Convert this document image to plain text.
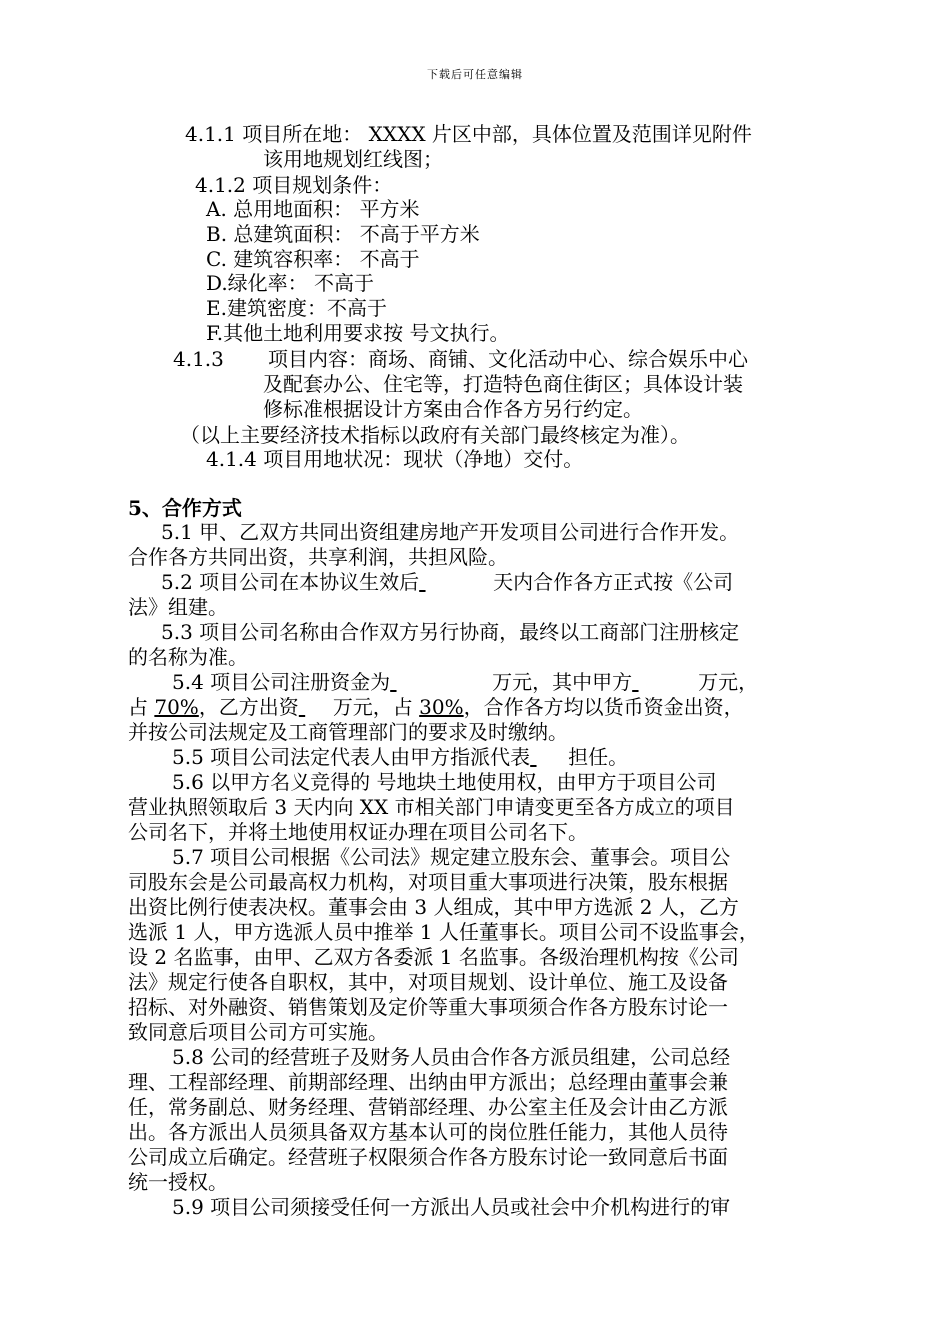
下载后可任意编辑
4.1.1 项目所在地： XXXX 片区中部，具体位置及范围详见附件
该用地规划红线图；
4.1.2 项目规划条件：
A. 总用地面积： 平方米
B. 总建筑面积： 不高于平方米
C. 建筑容积率： 不高于
D.绿化率： 不高于
E.建筑密度：不高于
F.其他土地利用要求按 号文执行。
4.1.3 项目内容：商场、商铺、文化活动中心、综合娱乐中心
及配套办公、住宅等，打造特色商住街区；具体设计装
修标准根据设计方案由合作各方另行约定。
（以上主要经济技术指标以政府有关部门最终核定为准）。
4.1.4 项目用地状况：现状（净地）交付。
5、合作方式
5.1 甲、乙双方共同出资组建房地产开发项目公司进行合作开发。
合作各方共同出资，共享利润，共担风险。
5.2 项目公司在本协议生效后	天内合作各方正式按《公司
法》组建。
5.3 项目公司名称由合作双方另行协商，最终以工商部门注册核定
的名称为准。
5.4 项目公司注册资金为	万元，其中甲方	万元，
占 70%，乙方出资 万元，占 30%，合作各方均以货币资金出资，
并按公司法规定及工商管理部门的要求及时缴纳。
5.5 项目公司法定代表人由甲方指派代表 担任。
5.6 以甲方名义竞得的 号地块土地使用权，由甲方于项目公司
营业执照领取后 3 天内向 XX 市相关部门申请变更至各方成立的项目
公司名下，并将土地使用权证办理在项目公司名下。
5.7 项目公司根据《公司法》规定建立股东会、董事会。项目公
司股东会是公司最高权力机构，对项目重大事项进行决策，股东根据
出资比例行使表决权。董事会由 3 人组成，其中甲方选派 2 人，乙方
选派 1 人，甲方选派人员中推举 1 人任董事长。项目公司不设监事会，
设 2 名监事，由甲、乙双方各委派 1 名监事。各级治理机构按《公司
法》规定行使各自职权，其中，对项目规划、设计单位、施工及设备
招标、对外融资、销售策划及定价等重大事项须合作各方股东讨论一
致同意后项目公司方可实施。
5.8 公司的经营班子及财务人员由合作各方派员组建，公司总经
理、工程部经理、前期部经理、出纳由甲方派出；总经理由董事会兼
任，常务副总、财务经理、营销部经理、办公室主任及会计由乙方派
出。各方派出人员须具备双方基本认可的岗位胜任能力，其他人员待
公司成立后确定。经营班子权限须合作各方股东讨论一致同意后书面
统一授权。
5.9 项目公司须接受任何一方派出人员或社会中介机构进行的审
